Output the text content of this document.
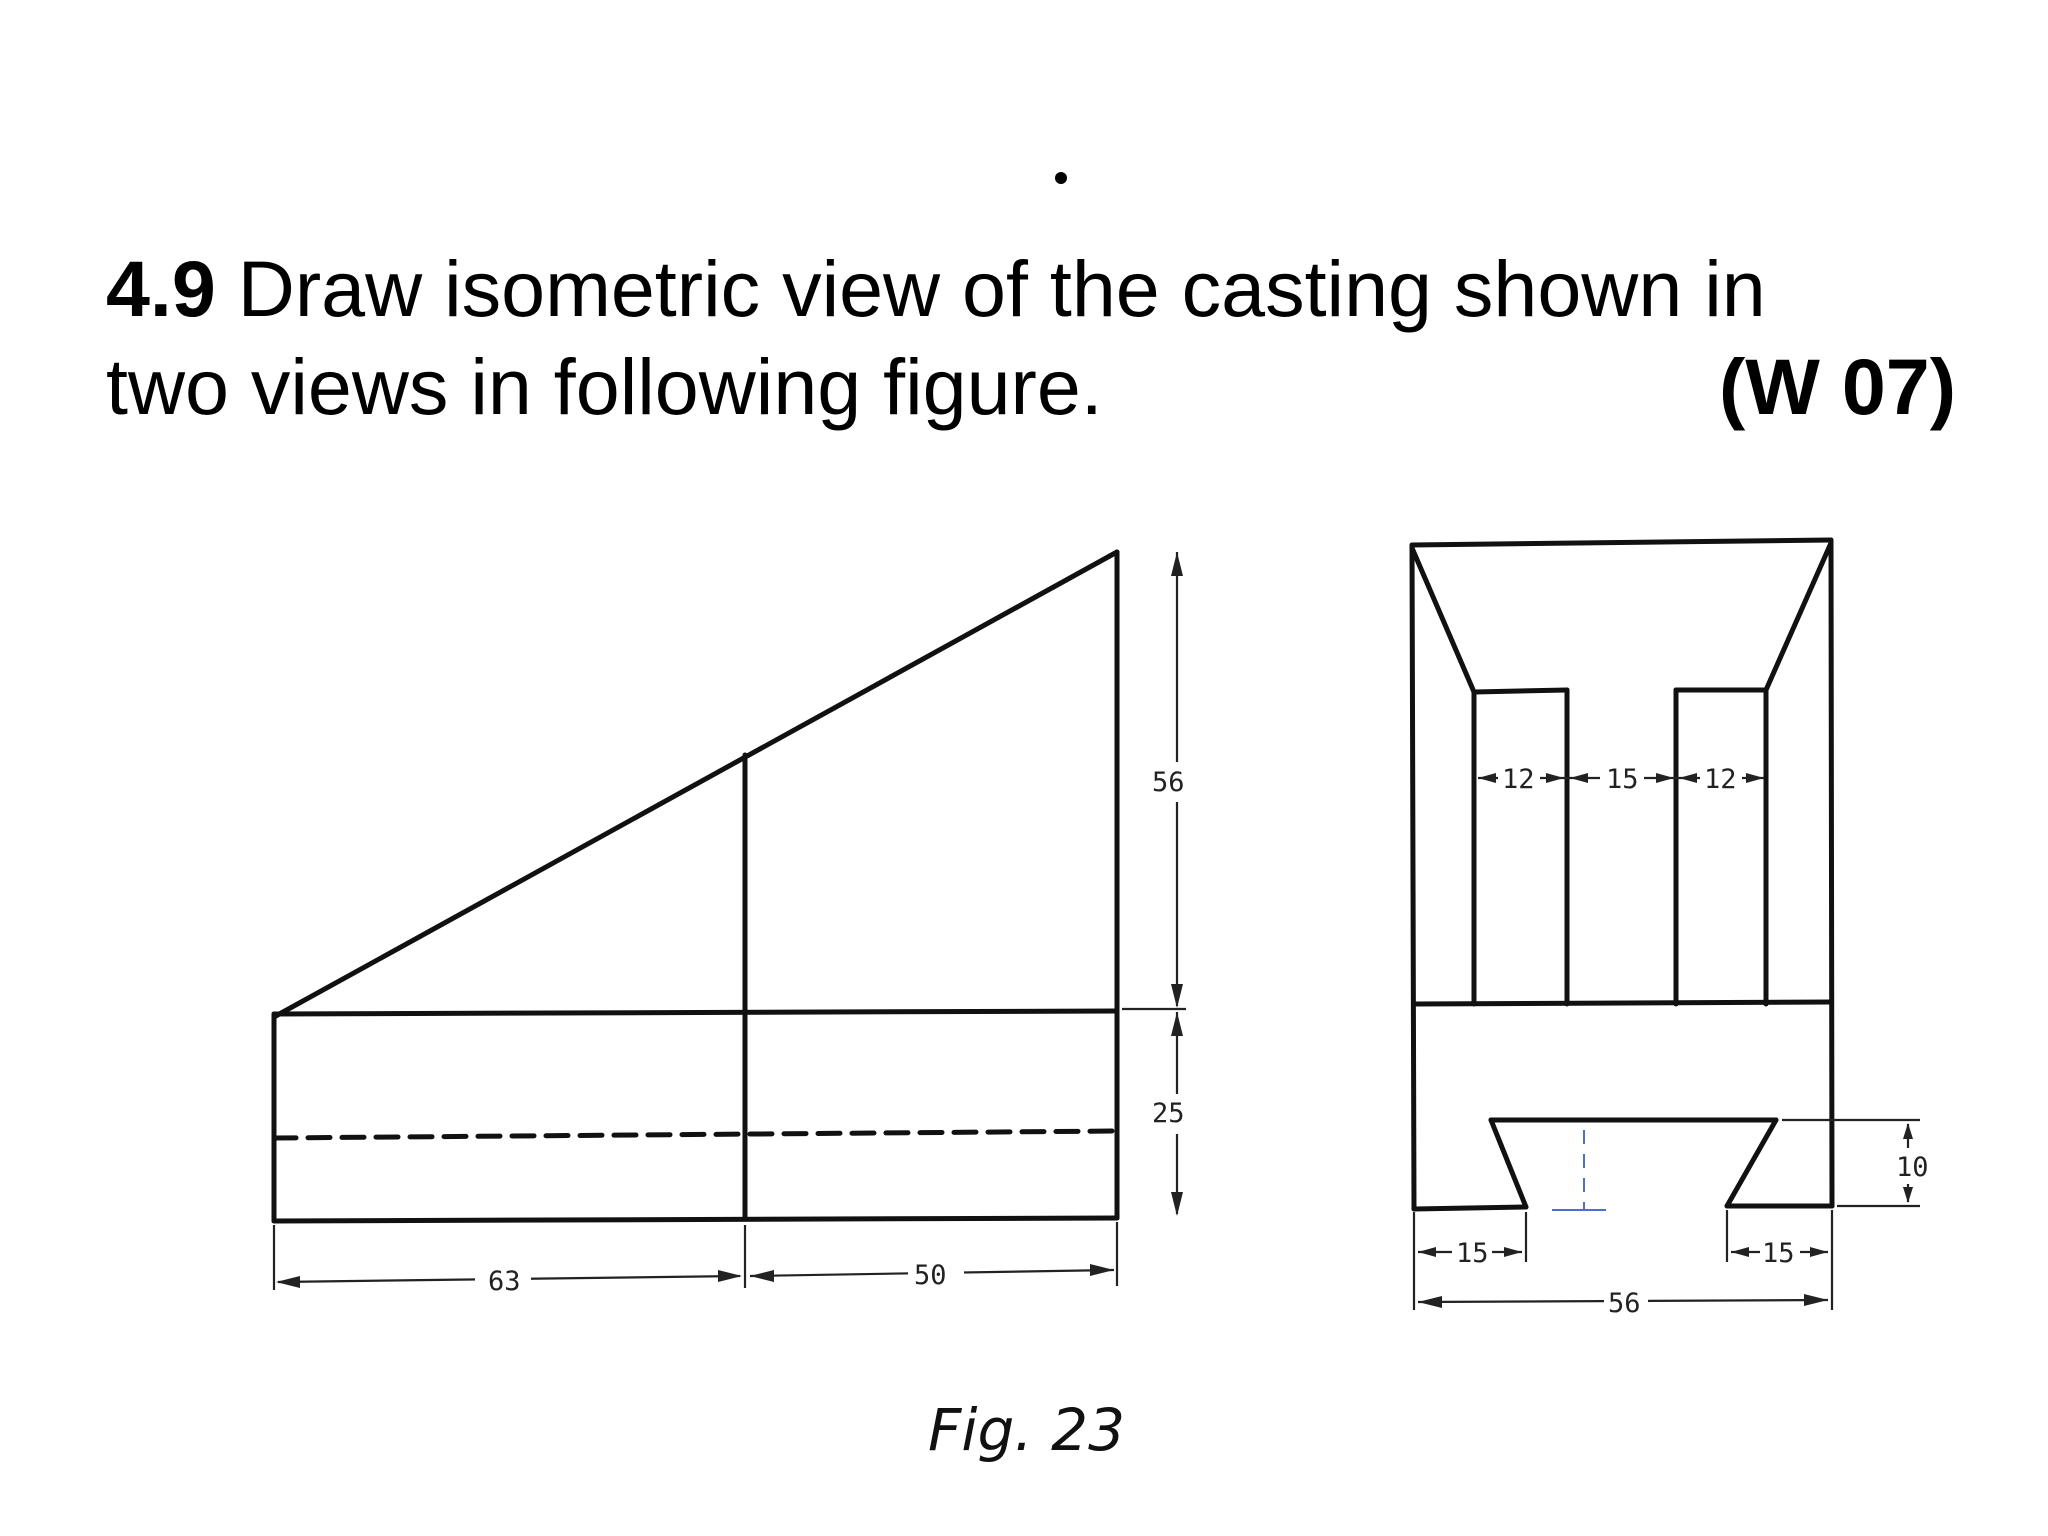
4.9 Draw isometric view of the casting shown in
two views in following figure.	(W 07)
63	50
56
25
12	15 12
10
15	15
56
Fig. 23
